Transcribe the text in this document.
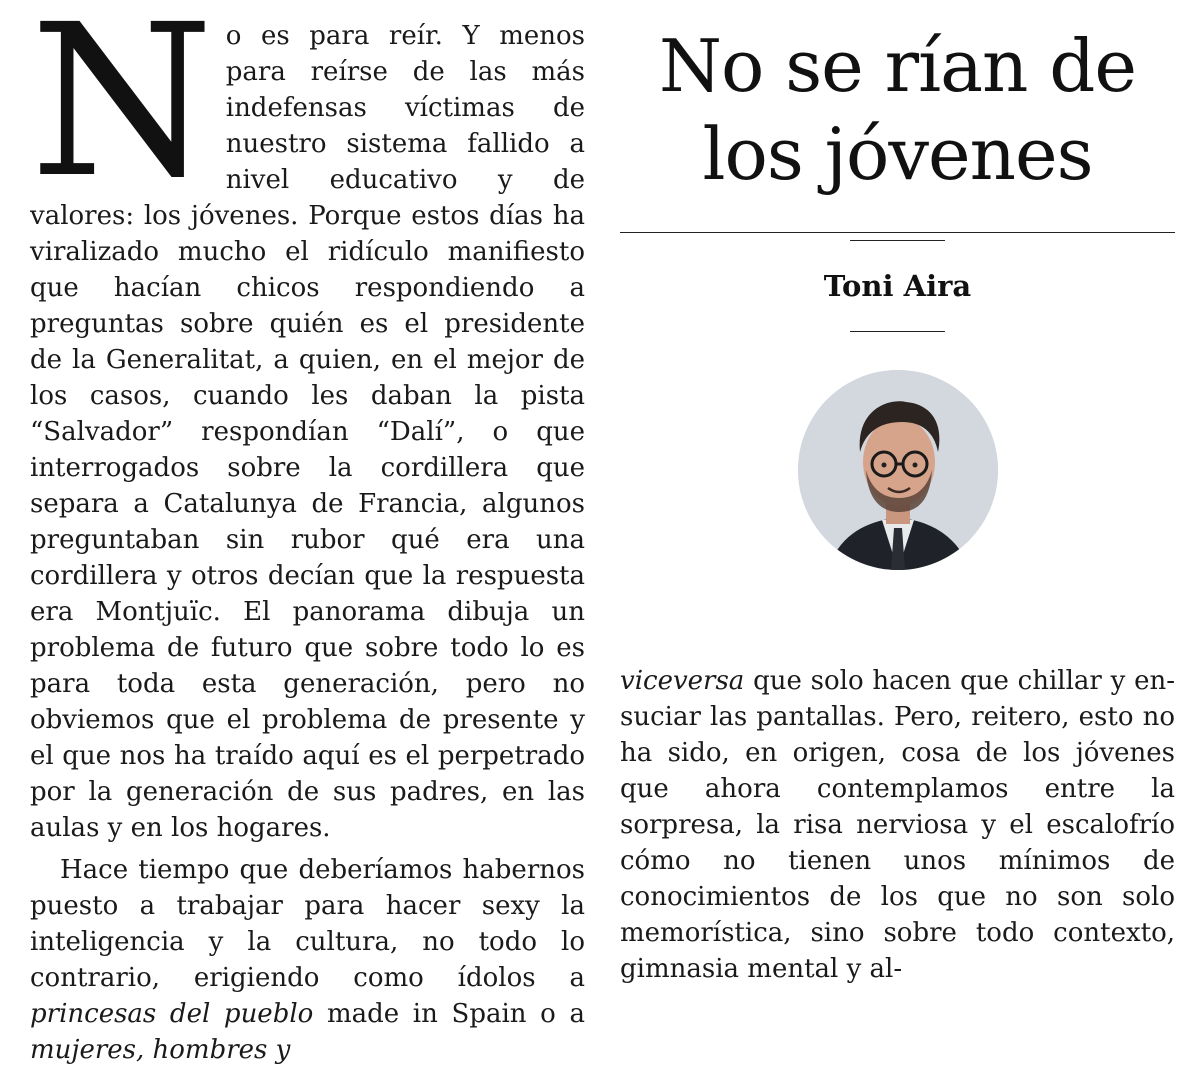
N o es para reír. Y menos para reírse de las más indefensas víctimas de nuestro sistema fallido a nivel educativo y de valores: los jóvenes. Porque estos días ha viralizado mucho el ridículo manifiesto que hacían chicos respondiendo a preguntas sobre quién es el presidente de la Generalitat, a quien, en el mejor de los casos, cuando les daban la pista “Salvador” respondían “Dalí”, o que interrogados sobre la cordillera que separa a Catalunya de Francia, algunos preguntaban sin rubor qué era una cordillera y otros decían que la respuesta era Montjuïc. El panorama dibuja un problema de futuro que sobre todo lo es para toda esta generación, pero no obviemos que el problema de presente y el que nos ha traído aquí es el perpetrado por la generación de sus padres, en las aulas y en los hogares.

Hace tiempo que deberíamos habernos puesto a trabajar para hacer sexy la inteligencia y la cultura, no todo lo contrario, erigiendo como ídolos a princesas del pueblo made in Spain o a mujeres, hombres y

No se rían de
los jóvenes
Toni Aira

viceversa que solo hacen que chillar y ensuciar las pantallas. Pero, reitero, esto no ha sido, en origen, cosa de los jóvenes que ahora contemplamos entre la sorpresa, la risa nerviosa y el escalofrío cómo no tienen unos mínimos de conocimientos de los que no son solo memorística, sino sobre todo contexto, gimnasia mental y al-
